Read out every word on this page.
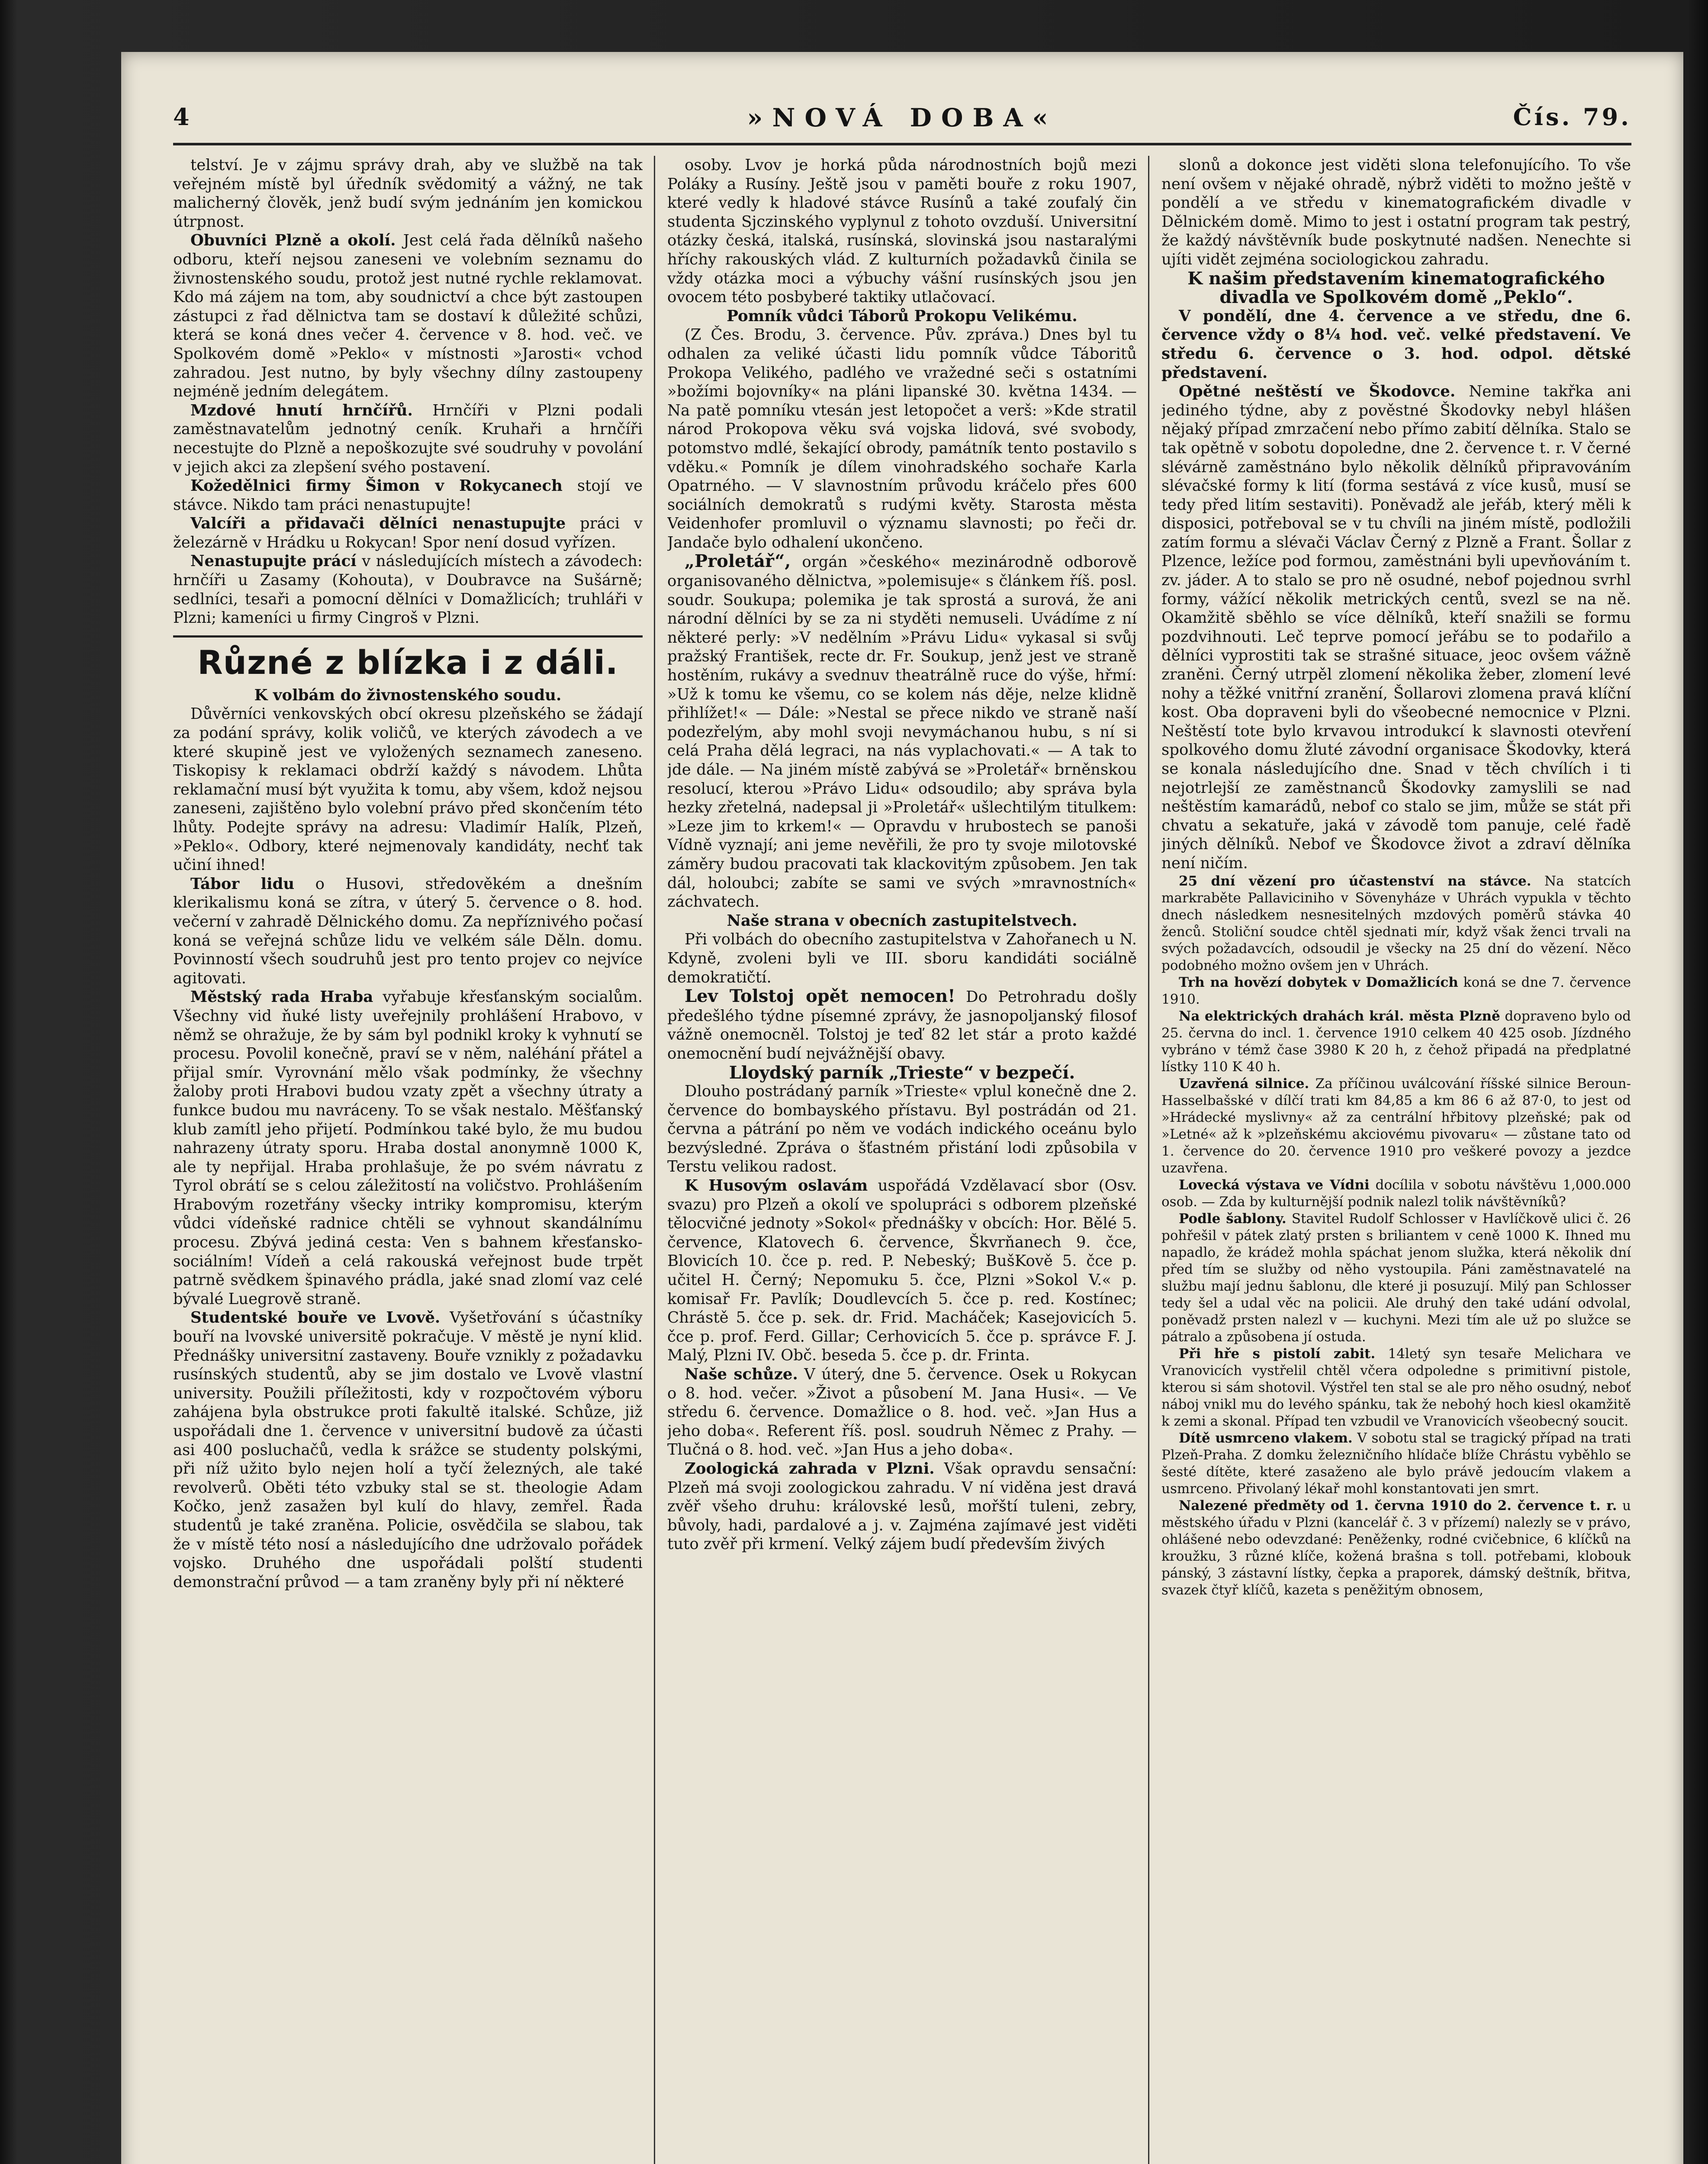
4	»NOVÁ DOBA«	Čís. 79.

telství. Je v zájmu správy drah, aby ve službě na tak veřejném místě byl úředník svědomitý a vážný, ne tak malicherný člověk, jenž budí svým jednáním jen komickou útrpnost.

Obuvníci Plzně a okolí. Jest celá řada dělníků našeho odboru, kteří nejsou zaneseni ve volebním seznamu do živnostenského soudu, protož jest nutné rychle reklamovat. Kdo má zájem na tom, aby soudnictví a chce být zastoupen zástupci z řad dělnictva tam se dostaví k důležité schůzi, která se koná dnes večer 4. července v 8. hod. več. ve Spolkovém domě »Peklo« v místnosti »Jarosti« vchod zahradou. Jest nutno, by byly všechny dílny zastoupeny nejméně jedním delegátem.

Mzdové hnutí hrnčířů. Hrnčíři v Plzni podali zaměstnavatelům jednotný ceník. Kruhaři a hrnčíři necestujte do Plzně a nepoškozujte své soudruhy v povolání v jejich akci za zlepšení svého postavení.

Kožedělnici firmy Šimon v Rokycanech stojí ve stávce. Nikdo tam práci nenastupujte!

Valcíři a přidavači dělníci nenastupujte práci v železárně v Hrádku u Rokycan! Spor není dosud vyřízen.

Nenastupujte prácí v následujících místech a závodech: hrnčíři u Zasamy (Kohouta), v Doubravce na Sušárně; sedlníci, tesaři a pomocní dělníci v Domažlicích; truhláři v Plzni; kameníci u firmy Cingroš v Plzni.

Různé z blízka i z dáli.

K volbám do živnostenského soudu.

Důvěrníci venkovských obcí okresu plzeňského se žádají za podání správy, kolik voličů, ve kterých závodech a ve které skupině jest ve vyložených seznamech zaneseno. Tiskopisy k reklamaci obdrží každý s návodem. Lhůta reklamační musí být využita k tomu, aby všem, kdož nejsou zaneseni, zajištěno bylo volební právo před skončením této lhůty. Podejte správy na adresu: Vladimír Halík, Plzeň, »Peklo«. Odbory, které nejmenovaly kandidáty, nechť tak učiní ihned!

Tábor lidu o Husovi, středověkém a dnešním klerikalismu koná se zítra, v úterý 5. července o 8. hod. večerní v zahradě Dělnického domu. Za nepříznivého počasí koná se veřejná schůze lidu ve velkém sále Děln. domu. Povinností všech soudruhů jest pro tento projev co nejvíce agitovati.

Městský rada Hraba vyřabuje křesťanským socialům. Všechny vid ňuké listy uveřejnily prohlášení Hrabovo, v němž se ohražuje, že by sám byl podnikl kroky k vyhnutí se procesu. Povolil konečně, praví se v něm, naléhání přátel a přijal smír. Vyrovnání mělo však podmínky, že všechny žaloby proti Hrabovi budou vzaty zpět a všechny útraty a funkce budou mu navráceny. To se však nestalo. Měšťanský klub zamítl jeho přijetí. Podmínkou také bylo, že mu budou nahrazeny útraty sporu. Hraba dostal anonymně 1000 K, ale ty nepřijal. Hraba prohlašuje, že po svém návratu z Tyrol obrátí se s celou záležitostí na voličstvo. Prohlášením Hrabovým rozetřány všecky intriky kompromisu, kterým vůdci vídeňské radnice chtěli se vyhnout skandálnímu procesu. Zbývá jediná cesta: Ven s bahnem křesťansko-sociálním! Vídeň a celá rakouská veřejnost bude trpět patrně svědkem špinavého prádla, jaké snad zlomí vaz celé bývalé Luegrově straně.

Studentské bouře ve Lvově. Vyšetřování s účastníky bouří na lvovské universitě pokračuje. V městě je nyní klid. Přednášky universitní zastaveny. Bouře vznikly z požadavku rusínských studentů, aby se jim dostalo ve Lvově vlastní university. Použili příležitosti, kdy v rozpočtovém výboru zahájena byla obstrukce proti fakultě italské. Schůze, již uspořádali dne 1. července v universitní budově za účasti asi 400 posluchačů, vedla k srážce se studenty polskými, při níž užito bylo nejen holí a tyčí železných, ale také revolverů. Oběti této vzbuky stal se st. theologie Adam Kočko, jenž zasažen byl kulí do hlavy, zemřel. Řada studentů je také zraněna. Policie, osvědčila se slabou, tak že v místě této nosí a následujícího dne udržovalo pořádek vojsko. Druhého dne uspořádali polští studenti demonstrační průvod — a tam zraněny byly při ní některé

osoby. Lvov je horká půda národnostních bojů mezi Poláky a Rusíny. Ještě jsou v paměti bouře z roku 1907, které vedly k hladové stávce Rusínů a také zoufalý čin studenta Sjczinského vyplynul z tohoto ovzduší. Universitní otázky česká, italská, rusínská, slovinská jsou nastaralými hříchy rakouských vlád. Z kulturních požadavků činila se vždy otázka moci a výbuchy vášní rusínských jsou jen ovocem této posbyberé taktiky utlačovací.

Pomník vůdci Táborů Prokopu Velikému.

(Z Čes. Brodu, 3. července. Pův. zpráva.) Dnes byl tu odhalen za veliké účasti lidu pomník vůdce Táboritů Prokopa Velikého, padlého ve vražedné seči s ostatními »božími bojovníky« na pláni lipanské 30. května 1434. — Na patě pomníku vtesán jest letopočet a verš: »Kde stratil národ Prokopova věku svá vojska lidová, své svobody, potomstvo mdlé, šekající obrody, památník tento postavilo s vděku.« Pomník je dílem vinohradského sochaře Karla Opatrného. — V slavnostním průvodu kráčelo přes 600 sociálních demokratů s rudými květy. Starosta města Veidenhofer promluvil o významu slavnosti; po řeči dr. Jandače bylo odhalení ukončeno.

„Proletář“, orgán »českého« mezinárodně odborově organisovaného dělnictva, »polemisuje« s článkem říš. posl. soudr. Soukupa; polemika je tak sprostá a surová, že ani národní dělníci by se za ni styděti nemuseli. Uvádíme z ní některé perly: »V nedělním »Právu Lidu« vykasal si svůj pražský František, recte dr. Fr. Soukup, jenž jest ve straně hostěním, rukávy a svednuv theatrálně ruce do výše, hřmí: »Už k tomu ke všemu, co se kolem nás děje, nelze klidně přihlížet!« — Dále: »Nestal se přece nikdo ve straně naší podezřelým, aby mohl svoji nevymáchanou hubu, s ní si celá Praha dělá legraci, na nás vyplachovati.« — A tak to jde dále. — Na jiném místě zabývá se »Proletář« brněnskou resolucí, kterou »Právo Lidu« odsoudilo; aby správa byla hezky zřetelná, nadepsal ji »Proletář« ušlechtilým titulkem: »Leze jim to krkem!« — Opravdu v hrubostech se panoši Vídně vyznají; ani jeme nevěřili, že pro ty svoje milotovské záměry budou pracovati tak klackovitým způsobem. Jen tak dál, holoubci; zabíte se sami ve svých »mravnostních« záchvatech.

Naše strana v obecních zastupitelstvech.

Při volbách do obecního zastupitelstva v Zahořanech u N. Kdyně, zvoleni byli ve III. sboru kandidáti sociálně demokratičtí.

Lev Tolstoj opět nemocen! Do Petrohradu došly předešlého týdne písemné zprávy, že jasnopoljanský filosof vážně onemocněl. Tolstoj je teď 82 let stár a proto každé onemocnění budí nejvážnější obavy.

Lloydský parník „Trieste“ v bezpečí.

Dlouho postrádaný parník »Trieste« vplul konečně dne 2. července do bombayského přístavu. Byl postrádán od 21. června a pátrání po něm ve vodách indického oceánu bylo bezvýsledné. Zpráva o šťastném přistání lodi způsobila v Terstu velikou radost.

K Husovým oslavám uspořádá Vzdělavací sbor (Osv. svazu) pro Plzeň a okolí ve spolupráci s odborem plzeňské tělocvičné jednoty »Sokol« přednášky v obcích: Hor. Bělé 5. července, Klatovech 6. července, Škvrňanech 9. čce, Blovicích 10. čce p. red. P. Nebeský; BušKově 5. čce p. učitel H. Černý; Nepomuku 5. čce, Plzni »Sokol V.« p. komisař Fr. Pavlík; Doudlevcích 5. čce p. red. Kostínec; Chrástě 5. čce p. sek. dr. Frid. Macháček; Kasejovicích 5. čce p. prof. Ferd. Gillar; Cerhovicích 5. čce p. správce F. J. Malý, Plzni IV. Obč. beseda 5. čce p. dr. Frinta.

Naše schůze. V úterý, dne 5. července. Osek u Rokycan o 8. hod. večer. »Život a působení M. Jana Husi«. — Ve středu 6. července. Domažlice o 8. hod. več. »Jan Hus a jeho doba«. Referent říš. posl. soudruh Němec z Prahy. — Tlučná o 8. hod. več. »Jan Hus a jeho doba«.

Zoologická zahrada v Plzni. Však opravdu sensační: Plzeň má svoji zoologickou zahradu. V ní viděna jest dravá zvěř všeho druhu: královské lesů, mořští tuleni, zebry, bůvoly, hadi, pardalové a j. v. Zajména zajímavé jest viděti tuto zvěř při krmení. Velký zájem budí především živých

slonů a dokonce jest viděti slona telefonujícího. To vše není ovšem v nějaké ohradě, nýbrž viděti to možno ještě v pondělí a ve středu v kinematografickém divadle v Dělnickém domě. Mimo to jest i ostatní program tak pestrý, že každý návštěvník bude poskytnuté nadšen. Nenechte si ujíti vidět zejména sociologickou zahradu.

K našim představením kinematografického divadla ve Spolkovém domě „Peklo“.

V pondělí, dne 4. července a ve středu, dne 6. července vždy o 8¼ hod. več. velké představení. Ve středu 6. července o 3. hod. odpol. dětské představení.

Opětné neštěstí ve Škodovce. Nemine takřka ani jediného týdne, aby z pověstné Škodovky nebyl hlášen nějaký případ zmrzačení nebo přímo zabití dělníka. Stalo se tak opětně v sobotu dopoledne, dne 2. července t. r. V černé slévárně zaměstnáno bylo několik dělníků připravováním slévačské formy k lití (forma sestává z více kusů, musí se tedy před litím sestaviti). Poněvadž ale jeřáb, který měli k disposici, potřeboval se v tu chvíli na jiném místě, podložili zatím formu a slévači Václav Černý z Plzně a Frant. Šollar z Plzence, ležíce pod formou, zaměstnáni byli upevňováním t. zv. jáder. A to stalo se pro ně osudné, nebof pojednou svrhl formy, vážící několik metrických centů, svezl se na ně. Okamžitě sběhlo se více dělníků, kteří snažili se formu pozdvihnouti. Leč teprve pomocí jeřábu se to podařilo a dělníci vyprostiti tak se strašné situace, jeoc ovšem vážně zraněni. Černý utrpěl zlomení několika žeber, zlomení levé nohy a těžké vnitřní zranění, Šollarovi zlomena pravá klíční kost. Oba dopraveni byli do všeobecné nemocnice v Plzni. Neštěstí tote bylo krvavou introdukcí k slavnosti otevření spolkového domu žluté závodní organisace Škodovky, která se konala následujícího dne. Snad v těch chvílích i ti nejotrlejší ze zaměstnanců Škodovky zamyslili se nad neštěstím kamarádů, nebof co stalo se jim, může se stát při chvatu a sekatuře, jaká v závodě tom panuje, celé řadě jiných dělníků. Nebof ve Škodovce život a zdraví dělníka není ničím.

25 dní vězení pro účastenství na stávce. Na statcích markraběte Pallaviciniho v Sövenyháze v Uhrách vypukla v těchto dnech následkem nesnesitelných mzdových poměrů stávka 40 ženců. Stoliční soudce chtěl sjednati mír, když však ženci trvali na svých požadavcích, odsoudil je všecky na 25 dní do vězení. Něco podobného možno ovšem jen v Uhrách.

Trh na hovězí dobytek v Domažlicích koná se dne 7. července 1910.

Na elektrických drahách král. města Plzně dopraveno bylo od 25. června do incl. 1. července 1910 celkem 40 425 osob. Jízdného vybráno v témž čase 3980 K 20 h, z čehož připadá na předplatné lístky 110 K 40 h.

Uzavřená silnice. Za příčinou uválcování říšské silnice Beroun-Hasselbašské v dílčí trati km 84,85 a km 86 6 až 87·0, to jest od »Hrádecké myslivny« až za centrální hřbitovy plzeňské; pak od »Letné« až k »plzeňskému akciovému pivovaru« — zůstane tato od 1. července do 20. července 1910 pro veškeré povozy a jezdce uzavřena.

Lovecká výstava ve Vídni docílila v sobotu návštěvu 1,000.000 osob. — Zda by kulturnější podnik nalezl tolik návštěvníků?

Podle šablony. Stavitel Rudolf Schlosser v Havlíčkově ulici č. 26 pohřešil v pátek zlatý prsten s briliantem v ceně 1000 K. Ihned mu napadlo, že krádež mohla spáchat jenom služka, která několik dní před tím se služby od něho vystoupila. Páni zaměstnavatelé na službu mají jednu šablonu, dle které ji posuzují. Milý pan Schlosser tedy šel a udal věc na policii. Ale druhý den také udání odvolal, poněvadž prsten nalezl v — kuchyni. Mezi tím ale už po služce se pátralo a způsobena jí ostuda.

Při hře s pistolí zabit. 14letý syn tesaře Melichara ve Vranovicích vystřelil chtěl včera odpoledne s primitivní pistole, kterou si sám shotovil. Výstřel ten stal se ale pro něho osudný, neboť náboj vnikl mu do levého spánku, tak že nebohý hoch kiesl okamžitě k zemi a skonal. Případ ten vzbudil ve Vranovicích všeobecný soucit.

Dítě usmrceno vlakem. V sobotu stal se tragický případ na trati Plzeň-Praha. Z domku železničního hlídače blíže Chrástu vyběhlo se šesté dítěte, které zasaženo ale bylo právě jedoucím vlakem a usmrceno. Přivolaný lékař mohl konstantovati jen smrt.

Nalezené předměty od 1. června 1910 do 2. července t. r. u městského úřadu v Plzni (kancelář č. 3 v přízemí) nalezly se v právo, ohlášené nebo odevzdané: Peněženky, rodné cvičebnice, 6 klíčků na kroužku, 3 různé klíče, kožená brašna s toll. potřebami, klobouk pánský, 3 zástavní lístky, čepka a praporek, dámský deštník, břitva, svazek čtyř klíčů, kazeta s peněžitým obnosem,
